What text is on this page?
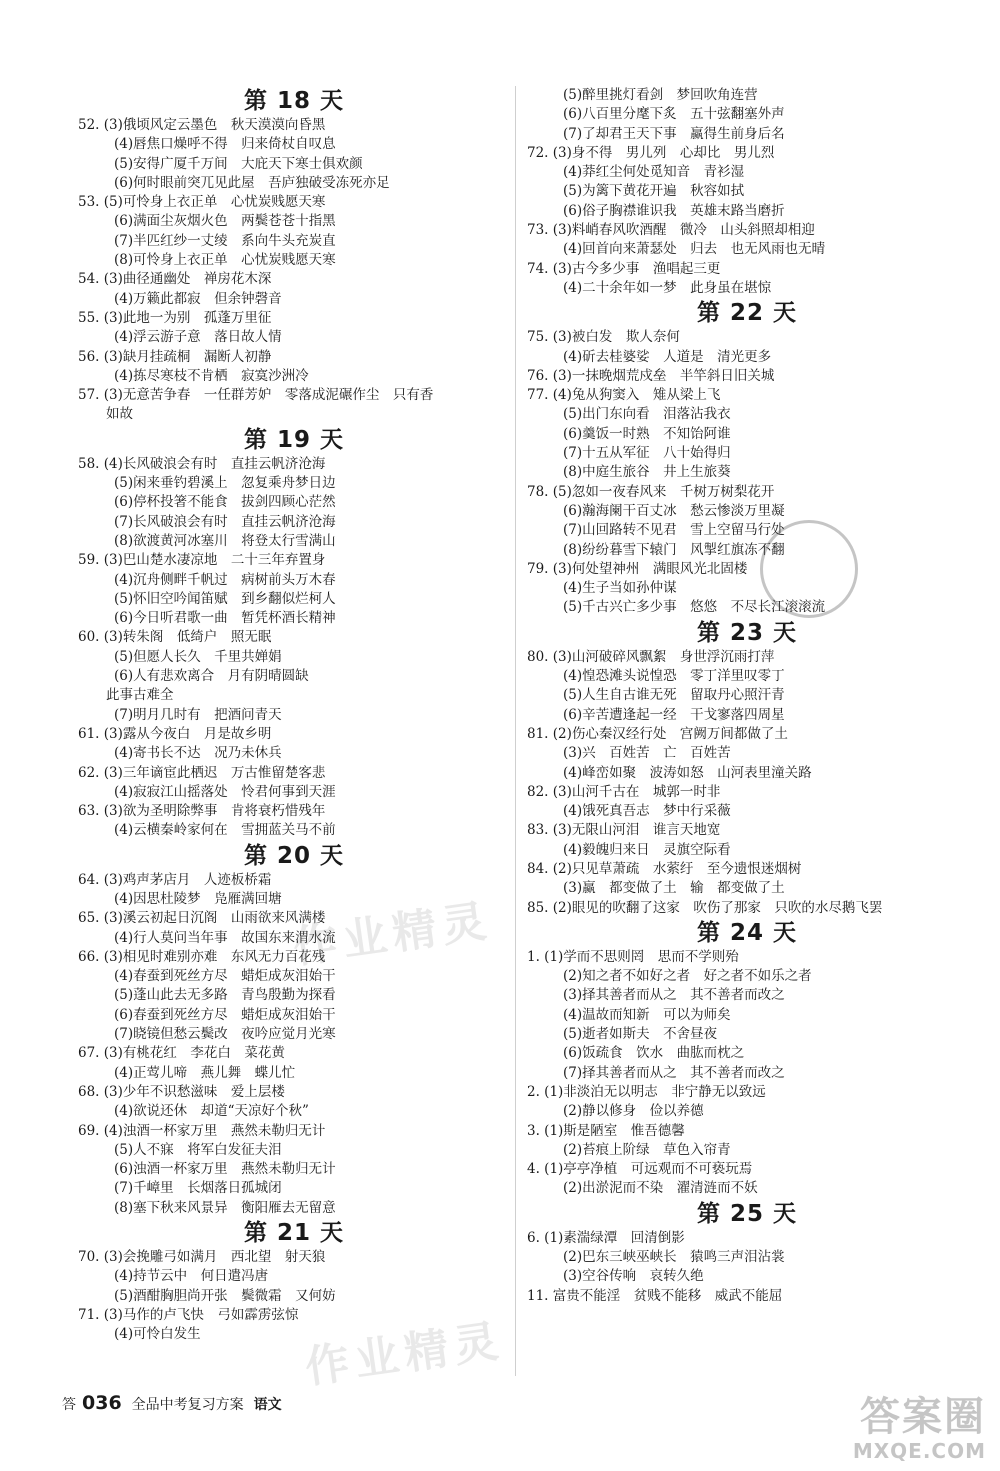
第 18 天
52. (3)俄顷风定云墨色　秋天漠漠向昏黑
(4)唇焦口燥呼不得　归来倚杖自叹息
(5)安得广厦千万间　大庇天下寒士俱欢颜
(6)何时眼前突兀见此屋　吾庐独破受冻死亦足
53. (5)可怜身上衣正单　心忧炭贱愿天寒
(6)满面尘灰烟火色　两鬓苍苍十指黑
(7)半匹红纱一丈绫　系向牛头充炭直
(8)可怜身上衣正单　心忧炭贱愿天寒
54. (3)曲径通幽处　禅房花木深
(4)万籁此都寂　但余钟磬音
55. (3)此地一为别　孤蓬万里征
(4)浮云游子意　落日故人情
56. (3)缺月挂疏桐　漏断人初静
(4)拣尽寒枝不肯栖　寂寞沙洲冷
57. (3)无意苦争春　一任群芳妒　零落成泥碾作尘　只有香
如故
第 19 天
58. (4)长风破浪会有时　直挂云帆济沧海
(5)闲来垂钓碧溪上　忽复乘舟梦日边
(6)停杯投箸不能食　拔剑四顾心茫然
(7)长风破浪会有时　直挂云帆济沧海
(8)欲渡黄河冰塞川　将登太行雪满山
59. (3)巴山楚水凄凉地　二十三年弃置身
(4)沉舟侧畔千帆过　病树前头万木春
(5)怀旧空吟闻笛赋　到乡翻似烂柯人
(6)今日听君歌一曲　暂凭杯酒长精神
60. (3)转朱阁　低绮户　照无眠
(5)但愿人长久　千里共婵娟
(6)人有悲欢离合　月有阴晴圆缺
此事古难全
(7)明月几时有　把酒问青天
61. (3)露从今夜白　月是故乡明
(4)寄书长不达　况乃未休兵
62. (3)三年谪宦此栖迟　万古惟留楚客悲
(4)寂寂江山摇落处　怜君何事到天涯
63. (3)欲为圣明除弊事　肯将衰朽惜残年
(4)云横秦岭家何在　雪拥蓝关马不前
第 20 天
64. (3)鸡声茅店月　人迹板桥霜
(4)因思杜陵梦　凫雁满回塘
65. (3)溪云初起日沉阁　山雨欲来风满楼
(4)行人莫问当年事　故国东来渭水流
66. (3)相见时难别亦难　东风无力百花残
(4)春蚕到死丝方尽　蜡炬成灰泪始干
(5)蓬山此去无多路　青鸟殷勤为探看
(6)春蚕到死丝方尽　蜡炬成灰泪始干
(7)晓镜但愁云鬓改　夜吟应觉月光寒
67. (3)有桃花红　李花白　菜花黄
(4)正莺儿啼　燕儿舞　蝶儿忙
68. (3)少年不识愁滋味　爱上层楼
(4)欲说还休　却道“天凉好个秋”
69. (4)浊酒一杯家万里　燕然未勒归无计
(5)人不寐　将军白发征夫泪
(6)浊酒一杯家万里　燕然未勒归无计
(7)千嶂里　长烟落日孤城闭
(8)塞下秋来风景异　衡阳雁去无留意
第 21 天
70. (3)会挽雕弓如满月　西北望　射天狼
(4)持节云中　何日遣冯唐
(5)酒酣胸胆尚开张　鬓微霜　又何妨
71. (3)马作的卢飞快　弓如霹雳弦惊
(4)可怜白发生
(5)醉里挑灯看剑　梦回吹角连营
(6)八百里分麾下炙　五十弦翻塞外声
(7)了却君王天下事　赢得生前身后名
72. (3)身不得　男儿列　心却比　男儿烈
(4)莽红尘何处觅知音　青衫湿
(5)为篱下黄花开遍　秋容如拭
(6)俗子胸襟谁识我　英雄末路当磨折
73. (3)料峭春风吹酒醒　微冷　山头斜照却相迎
(4)回首向来萧瑟处　归去　也无风雨也无晴
74. (3)古今多少事　渔唱起三更
(4)二十余年如一梦　此身虽在堪惊
第 22 天
75. (3)被白发　欺人奈何
(4)斫去桂婆娑　人道是　清光更多
76. (3)一抹晚烟荒戍垒　半竿斜日旧关城
77. (4)兔从狗窦入　雉从梁上飞
(5)出门东向看　泪落沾我衣
(6)羹饭一时熟　不知饴阿谁
(7)十五从军征　八十始得归
(8)中庭生旅谷　井上生旅葵
78. (5)忽如一夜春风来　千树万树梨花开
(6)瀚海阑干百丈冰　愁云惨淡万里凝
(7)山回路转不见君　雪上空留马行处
(8)纷纷暮雪下辕门　风掣红旗冻不翻
79. (3)何处望神州　满眼风光北固楼
(4)生子当如孙仲谋
(5)千古兴亡多少事　悠悠　不尽长江滚滚流
第 23 天
80. (3)山河破碎风飘絮　身世浮沉雨打萍
(4)惶恐滩头说惶恐　零丁洋里叹零丁
(5)人生自古谁无死　留取丹心照汗青
(6)辛苦遭逢起一经　干戈寥落四周星
81. (2)伤心秦汉经行处　宫阙万间都做了土
(3)兴　百姓苦　亡　百姓苦
(4)峰峦如聚　波涛如怒　山河表里潼关路
82. (3)山河千古在　城郭一时非
(4)饿死真吾志　梦中行采薇
83. (3)无限山河泪　谁言天地宽
(4)毅魄归来日　灵旗空际看
84. (2)只见草萧疏　水萦纡　至今遗恨迷烟树
(3)赢　都变做了土　输　都变做了土
85. (2)眼见的吹翻了这家　吹伤了那家　只吹的水尽鹅飞罢
第 24 天
1. (1)学而不思则罔　思而不学则殆
(2)知之者不如好之者　好之者不如乐之者
(3)择其善者而从之　其不善者而改之
(4)温故而知新　可以为师矣
(5)逝者如斯夫　不舍昼夜
(6)饭疏食　饮水　曲肱而枕之
(7)择其善者而从之　其不善者而改之
2. (1)非淡泊无以明志　非宁静无以致远
(2)静以修身　俭以养德
3. (1)斯是陋室　惟吾德馨
(2)苔痕上阶绿　草色入帘青
4. (1)亭亭净植　可远观而不可亵玩焉
(2)出淤泥而不染　濯清涟而不妖
第 25 天
6. (1)素湍绿潭　回清倒影
(2)巴东三峡巫峡长　猿鸣三声泪沾裳
(3)空谷传响　哀转久绝
11. 富贵不能淫　贫贱不能移　威武不能屈
作业精灵
作业精灵
答 036 全品中考复习方案 语文	答案圈
MXQE.COM
